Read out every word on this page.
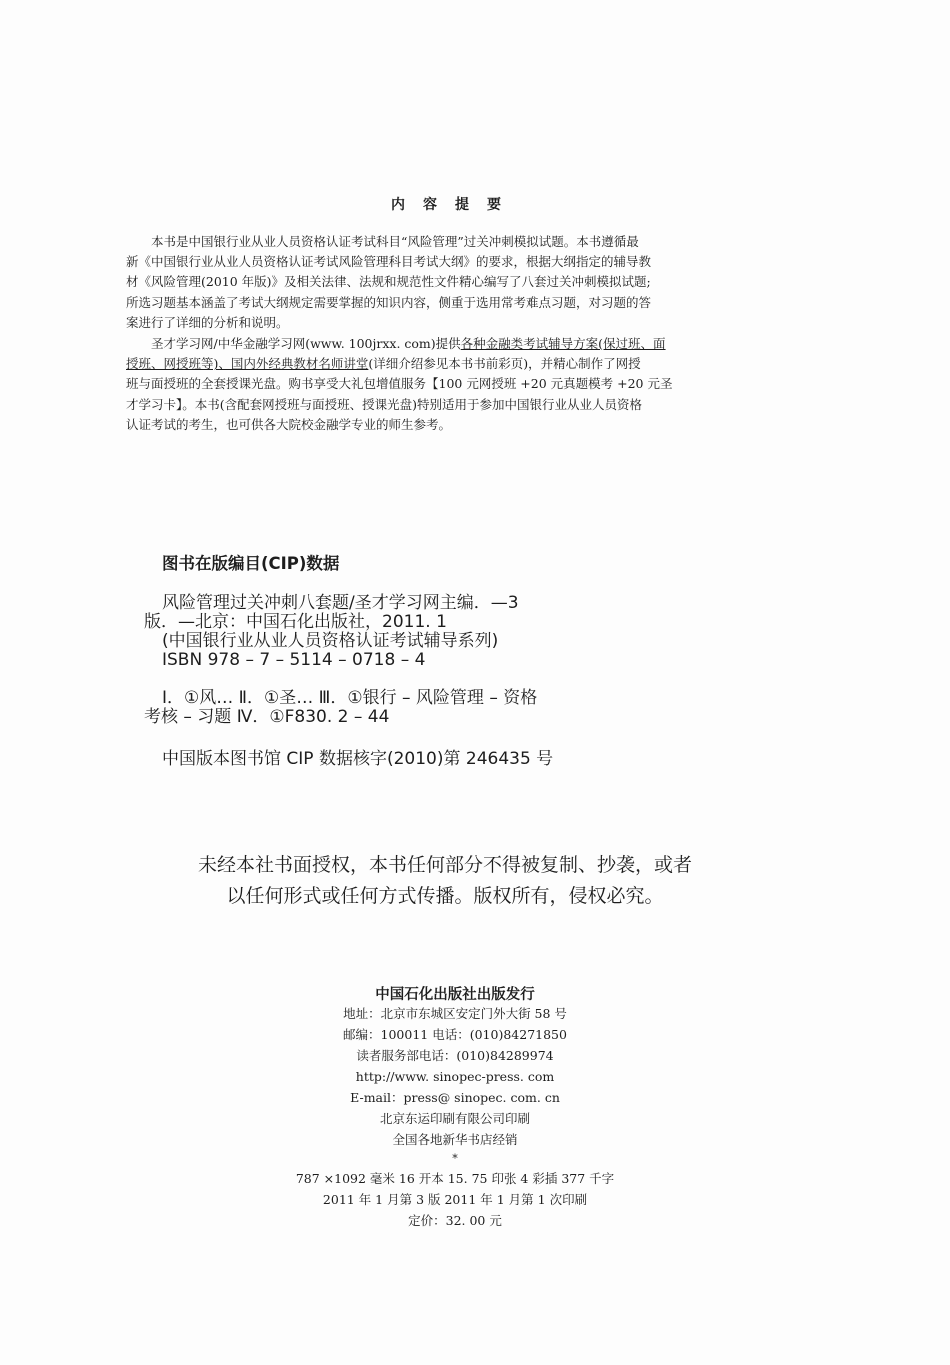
内容提要
本书是中国银行业从业人员资格认证考试科目“风险管理”过关冲刺模拟试题。本书遵循最
新《中国银行业从业人员资格认证考试风险管理科目考试大纲》的要求，根据大纲指定的辅导教
材《风险管理(2010 年版)》及相关法律、法规和规范性文件精心编写了八套过关冲刺模拟试题;
所选习题基本涵盖了考试大纲规定需要掌握的知识内容，侧重于选用常考难点习题，对习题的答
案进行了详细的分析和说明。
圣才学习网/中华金融学习网(www. 100jrxx. com)提供各种金融类考试辅导方案(保过班、面
授班、网授班等)、国内外经典教材名师讲堂(详细介绍参见本书书前彩页)，并精心制作了网授
班与面授班的全套授课光盘。购书享受大礼包增值服务【100 元网授班 +20 元真题模考 +20 元圣
才学习卡】。本书(含配套网授班与面授班、授课光盘)特别适用于参加中国银行业从业人员资格
认证考试的考生，也可供各大院校金融学专业的师生参考。
图书在版编目(CIP)数据
风险管理过关冲刺八套题/圣才学习网主编．—3
版．—北京：中国石化出版社，2011. 1
(中国银行业从业人员资格认证考试辅导系列)
ISBN 978 – 7 – 5114 – 0718 – 4
Ⅰ．①风… Ⅱ．①圣… Ⅲ．①银行 – 风险管理 – 资格
考核 – 习题 Ⅳ．①F830. 2 – 44
中国版本图书馆 CIP 数据核字(2010)第 246435 号
未经本社书面授权，本书任何部分不得被复制、抄袭，或者
以任何形式或任何方式传播。版权所有，侵权必究。
中国石化出版社出版发行
地址：北京市东城区安定门外大街 58 号
邮编：100011 电话：(010)84271850
读者服务部电话：(010)84289974
http://www. sinopec-press. com
E-mail：press@ sinopec. com. cn
北京东运印刷有限公司印刷
全国各地新华书店经销
*
787 ×1092 毫米 16 开本 15. 75 印张 4 彩插 377 千字
2011 年 1 月第 3 版 2011 年 1 月第 1 次印刷
定价：32. 00 元
